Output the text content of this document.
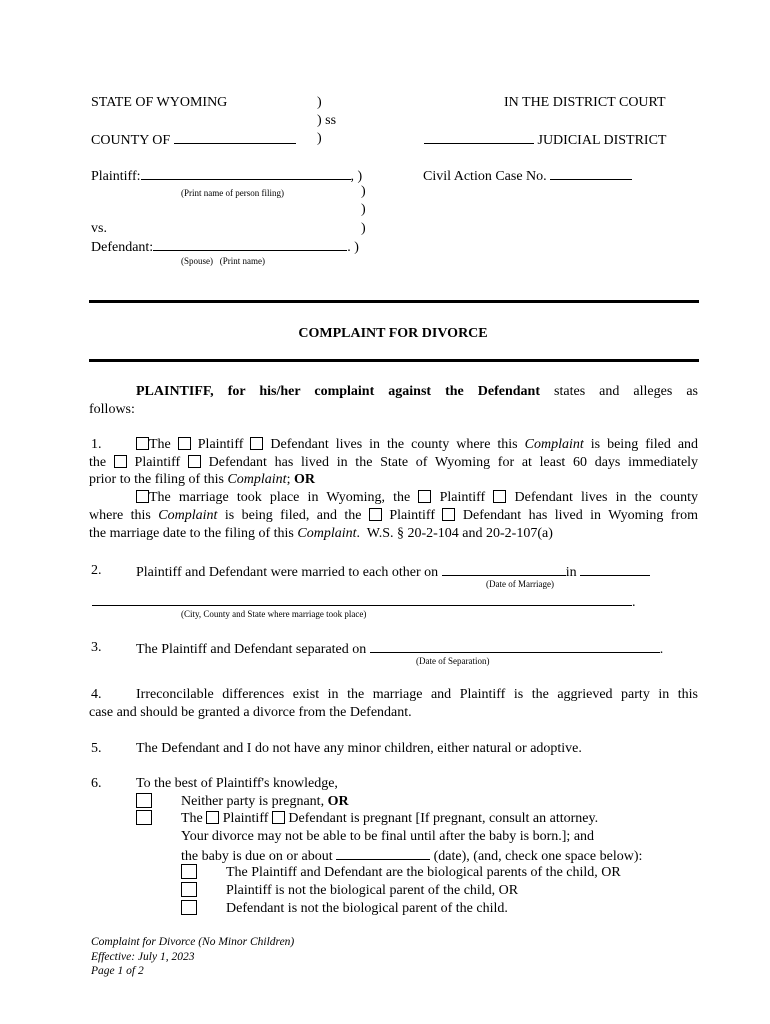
STATE OF WYOMING	)	IN THE DISTRICT COURT
) ss
COUNTY OF	)	JUDICIAL DISTRICT
Plaintiff:	, )	Civil Action Case No.
(Print name of person filing)	)
)
vs.	)
Defendant:	. )
(Spouse)   (Print name)
COMPLAINT FOR DIVORCE
PLAINTIFF, for his/her complaint against the Defendant states and alleges as
follows:
1.	The Plaintiff Defendant lives in the county where this Complaint is being filed and
the Plaintiff Defendant has lived in the State of Wyoming for at least 60 days immediately
prior to the filing of this Complaint; OR
The marriage took place in Wyoming, the Plaintiff Defendant lives in the county
where this Complaint is being filed, and the Plaintiff Defendant has lived in Wyoming from
the marriage date to the filing of this Complaint.  W.S. § 20-2-104 and 20-2-107(a)
2. Plaintiff and Defendant were married to each other on	in
(Date of Marriage)
.
(City, County and State where marriage took place)
3. The Plaintiff and Defendant separated on	.
(Date of Separation)
4. Irreconcilable differences exist in the marriage and Plaintiff is the aggrieved party in this
case and should be granted a divorce from the Defendant.
5. The Defendant and I do not have any minor children, either natural or adoptive.
6. To the best of Plaintiff's knowledge,
Neither party is pregnant, OR
The Plaintiff Defendant is pregnant [If pregnant, consult an attorney.
Your divorce may not be able to be final until after the baby is born.]; and
the baby is due on or about	(date), (and, check one space below):
The Plaintiff and Defendant are the biological parents of the child, OR
Plaintiff is not the biological parent of the child, OR
Defendant is not the biological parent of the child.
Complaint for Divorce (No Minor Children)
Effective: July 1, 2023
Page 1 of 2
